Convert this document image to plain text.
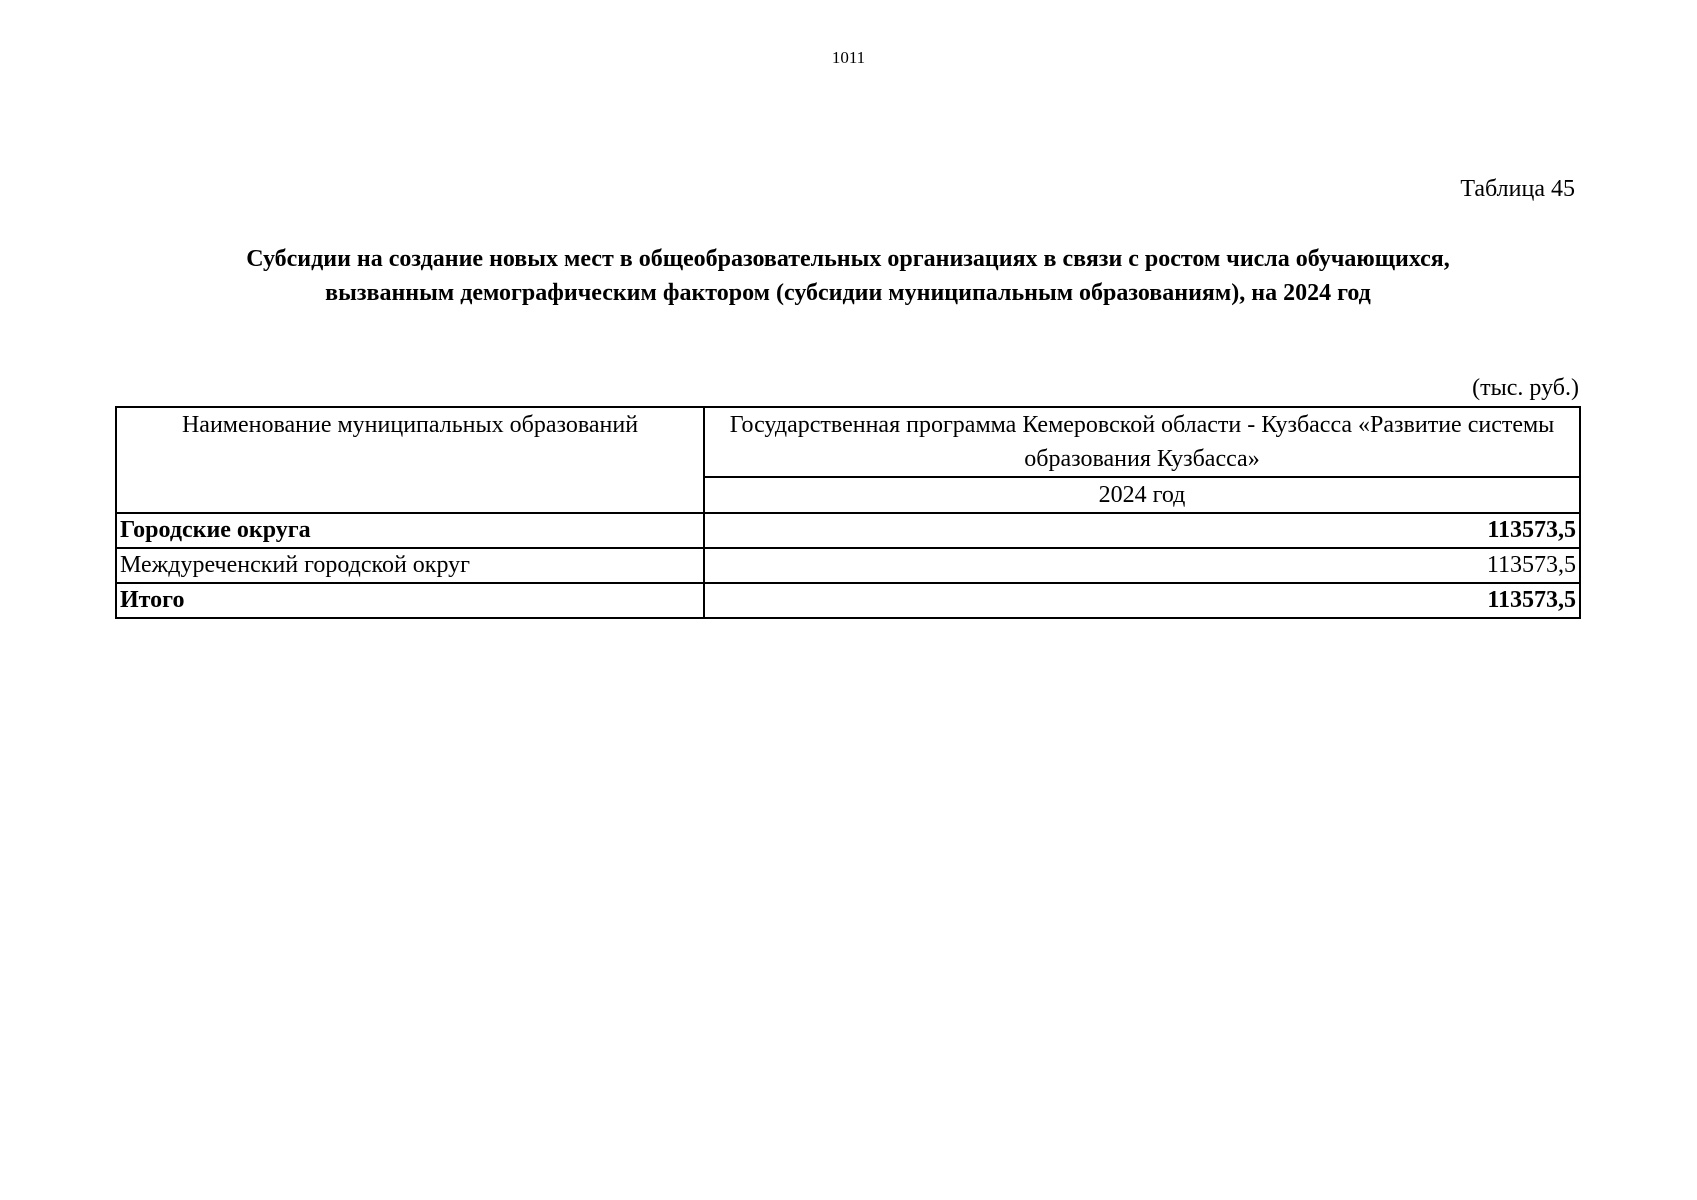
1011
Таблица 45
Субсидии на создание новых мест в общеобразовательных организациях в связи с ростом числа обучающихся,
вызванным демографическим фактором (субсидии муниципальным образованиям), на 2024 год
(тыс. руб.)
Наименование муниципальных образований	Государственная программа Кемеровской области - Кузбасса «Развитие системы образования Кузбасса»
	2024 год
Городские округа	113573,5
Междуреченский городской округ	113573,5
Итого	113573,5
